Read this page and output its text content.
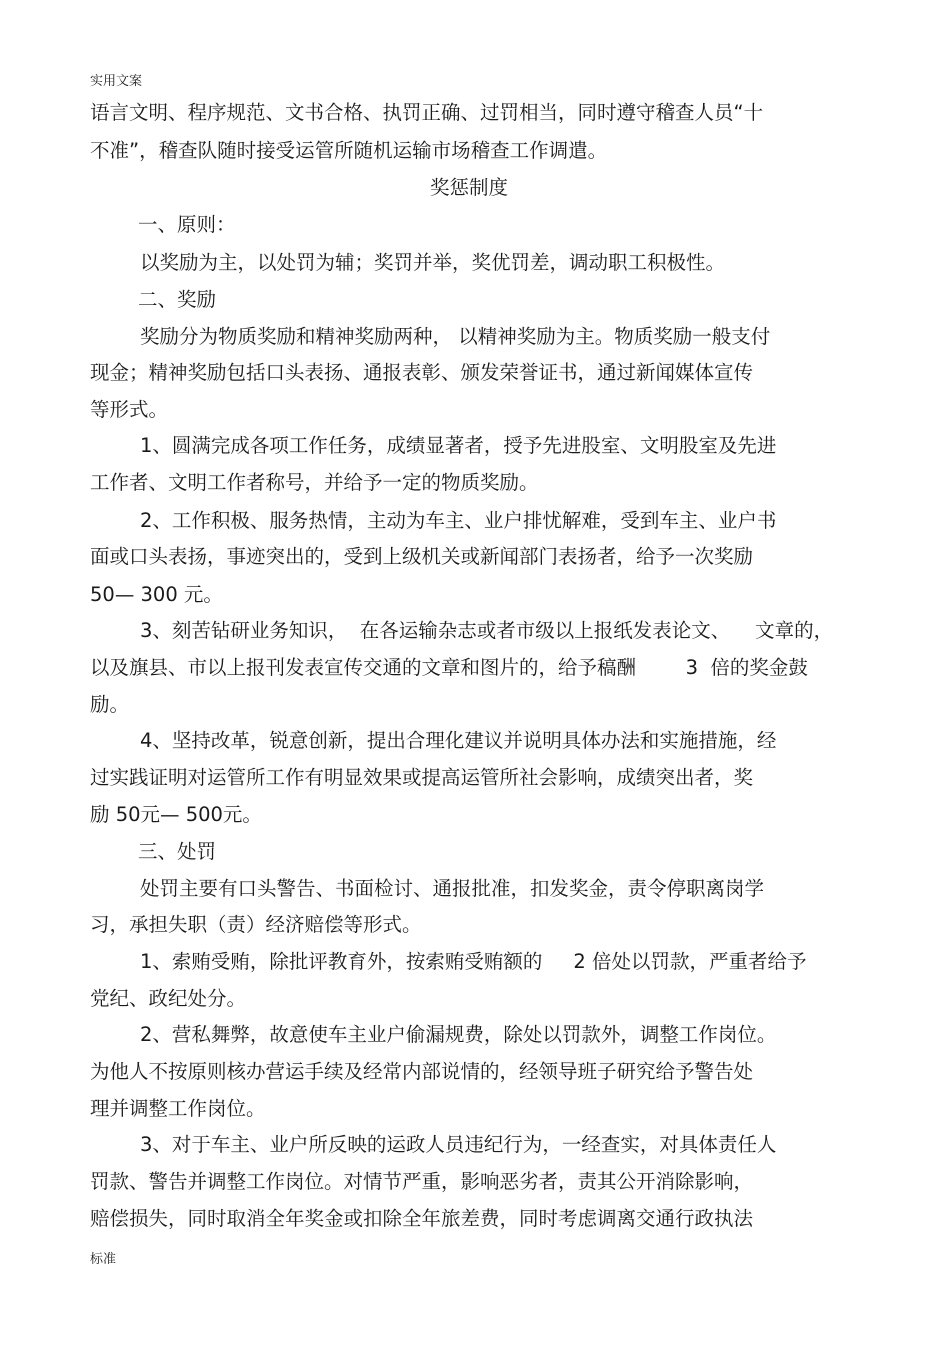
实用文案
语言文明、程序规范、文书合格、执罚正确、过罚相当，同时遵守稽查人员“十
不准”，稽查队随时接受运管所随机运输市场稽查工作调遣。
奖惩制度
一、原则：
以奖励为主，以处罚为辅；奖罚并举，奖优罚差，调动职工积极性。
二、奖励
奖励分为物质奖励和精神奖励两种， 以精神奖励为主。物质奖励一般支付
现金；精神奖励包括口头表扬、通报表彰、颁发荣誉证书，通过新闻媒体宣传
等形式。
1、圆满完成各项工作任务，成绩显著者，授予先进股室、文明股室及先进
工作者、文明工作者称号，并给予一定的物质奖励。
2、工作积极、服务热情，主动为车主、业户排忧解难，受到车主、业户书
面或口头表扬，事迹突出的，受到上级机关或新闻部门表扬者，给予一次奖励
50— 300 元。
3、刻苦钻研业务知识，  在各运输杂志或者市级以上报纸发表论文、    文章的，
以及旗县、市以上报刊发表宣传交通的文章和图片的，给予稿酬        3  倍的奖金鼓
励。
4、坚持改革，锐意创新，提出合理化建议并说明具体办法和实施措施，经
过实践证明对运管所工作有明显效果或提高运管所社会影响，成绩突出者，奖
励 50元— 500元。
三、处罚
处罚主要有口头警告、书面检讨、通报批准，扣发奖金，责令停职离岗学
习，承担失职（责）经济赔偿等形式。
1、索贿受贿，除批评教育外，按索贿受贿额的     2 倍处以罚款，严重者给予
党纪、政纪处分。
2、营私舞弊，故意使车主业户偷漏规费，除处以罚款外，调整工作岗位。
为他人不按原则核办营运手续及经常内部说情的，经领导班子研究给予警告处
理并调整工作岗位。
3、对于车主、业户所反映的运政人员违纪行为，一经查实，对具体责任人
罚款、警告并调整工作岗位。对情节严重，影响恶劣者，责其公开消除影响，
赔偿损失，同时取消全年奖金或扣除全年旅差费，同时考虑调离交通行政执法
标准
